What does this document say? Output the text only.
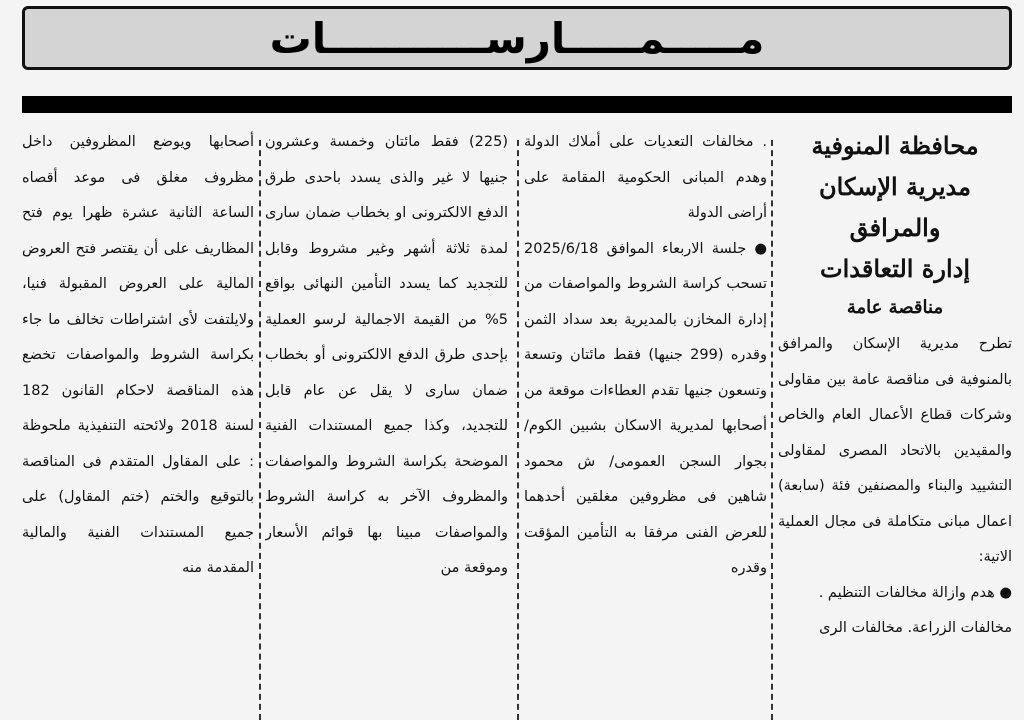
مـــــمـــــارســـــــــــات

محافظة المنوفية

مديرية الإسكان والمرافق

إدارة التعاقدات

مناقصة عامة

تطرح مديرية الإسكان والمرافق بالمنوفية فى مناقصة عامة بين مقاولى وشركات قطاع الأعمال العام والخاص والمقيدين بالاتحاد المصرى لمقاولى التشييد والبناء والمصنفين فئة (سابعة) اعمال مبانى متكاملة فى مجال العملية الاتية:

● هدم وازالة مخالفات التنظيم .

مخالفات الزراعة. مخالفات الرى

. مخالفات التعديات على أملاك الدولة وهدم المبانى الحكومية المقامة على أراضى الدولة

● جلسة الاربعاء الموافق 2025/6/18 تسحب كراسة الشروط والمواصفات من إدارة المخازن بالمديرية بعد سداد الثمن وقدره (299 جنيها) فقط مائتان وتسعة وتسعون جنيها تقدم العطاءات موقعة من أصحابها لمديرية الاسكان بشبين الكوم/ بجوار السجن العمومى/ ش محمود شاهين فى مظروفين مغلقين أحدهما للعرض الفنى مرفقا به التأمين المؤقت وقدره

(225) فقط مائتان وخمسة وعشرون جنيها لا غير والذى يسدد باحدى طرق الدفع الالكترونى او بخطاب ضمان سارى لمدة ثلاثة أشهر وغير مشروط وقابل للتجديد كما يسدد التأمين النهائى بواقع 5% من القيمة الاجمالية لرسو العملية بإحدى طرق الدفع الالكترونى أو بخطاب ضمان سارى لا يقل عن عام قابل للتجديد، وكذا جميع المستندات الفنية الموضحة بكراسة الشروط والمواصفات والمظروف الآخر به كراسة الشروط والمواصفات مبينا بها قوائم الأسعار وموقعة من

أصحابها ويوضع المظروفين داخل مظروف مغلق فى موعد أقصاه الساعة الثانية عشرة ظهرا يوم فتح المظاريف على أن يقتصر فتح العروض المالية على العروض المقبولة فنيا، ولايلتفت لأى اشتراطات تخالف ما جاء بكراسة الشروط والمواصفات تخضع هذه المناقصة لاحكام القانون 182 لسنة 2018 ولائحته التنفيذية ملحوظة : على المقاول المتقدم فى المناقصة بالتوقيع والختم (ختم المقاول) على جميع المستندات الفنية والمالية المقدمة منه
